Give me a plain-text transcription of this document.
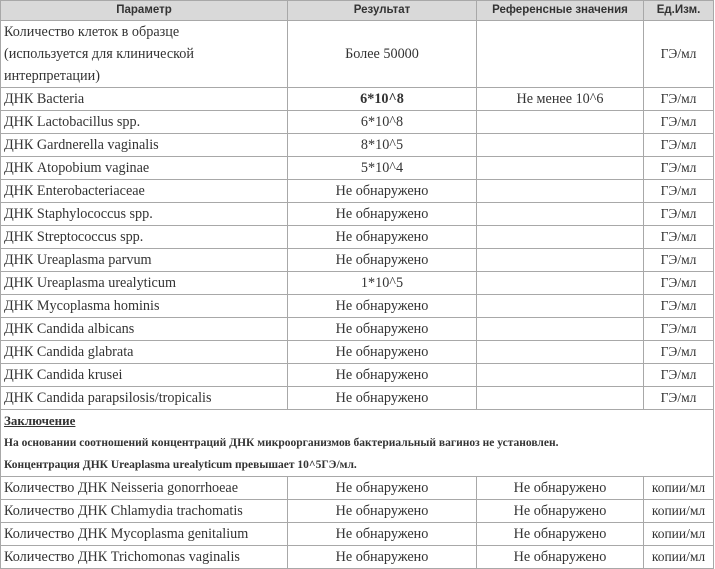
Параметр	Результат	Референсные значения	Ед.Изм.

Количество клеток в образце
(используется для клинической
интерпретации)	Более 50000		ГЭ/мл
ДНК Bacteria	6*10^8	Не менее 10^6	ГЭ/мл
ДНК Lactobacillus spp.	6*10^8		ГЭ/мл
ДНК Gardnerella vaginalis	8*10^5		ГЭ/мл
ДНК Atopobium vaginae	5*10^4		ГЭ/мл
ДНК Enterobacteriaceae	Не обнаружено		ГЭ/мл
ДНК Staphylococcus spp.	Не обнаружено		ГЭ/мл
ДНК Streptococcus spp.	Не обнаружено		ГЭ/мл
ДНК Ureaplasma parvum	Не обнаружено		ГЭ/мл
ДНК Ureaplasma urealyticum	1*10^5		ГЭ/мл
ДНК Mycoplasma hominis	Не обнаружено		ГЭ/мл
ДНК Candida albicans	Не обнаружено		ГЭ/мл
ДНК Candida glabrata	Не обнаружено		ГЭ/мл
ДНК Candida krusei	Не обнаружено		ГЭ/мл
ДНК Candida parapsilosis/tropicalis	Не обнаружено		ГЭ/мл

Заключение
На основании соотношений концентраций ДНК микроорганизмов бактериальный вагиноз не установлен.
Концентрация ДНК Ureaplasma urealyticum превышает 10^5ГЭ/мл.			

Количество ДНК Neisseria gonorrhoeae	Не обнаружено	Не обнаружено	копии/мл
Количество ДНК Chlamydia trachomatis	Не обнаружено	Не обнаружено	копии/мл
Количество ДНК Mycoplasma genitalium	Не обнаружено	Не обнаружено	копии/мл
Количество ДНК Trichomonas vaginalis	Не обнаружено	Не обнаружено	копии/мл
